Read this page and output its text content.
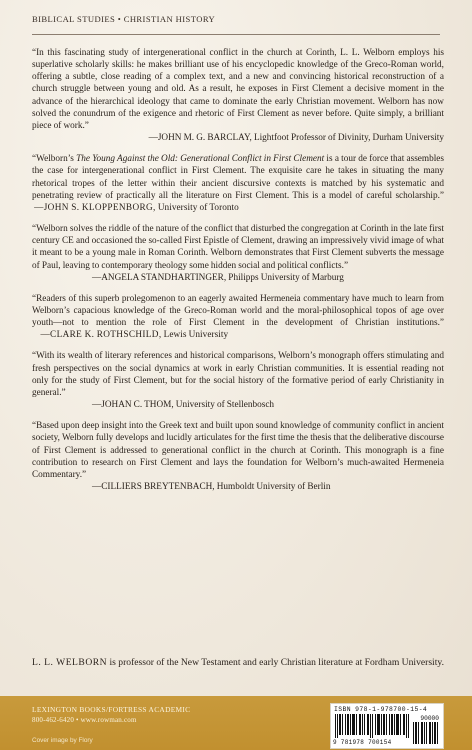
BIBLICAL STUDIES • CHRISTIAN HISTORY

“In this fascinating study of intergenerational conflict in the church at Corinth, L. L. Welborn employs his superlative scholarly skills: he makes brilliant use of his encyclopedic knowledge of the Greco-Roman world, offering a subtle, close reading of a complex text, and a new and convincing historical reconstruction of a church struggle between young and old. As a result, he exposes in First Clement a decisive moment in the advance of the hierarchical ideology that came to dominate the early Christian movement. Welborn has now solved the conundrum of the exigence and rhetoric of First Clement as never before. Quite simply, a brilliant piece of work.”
—JOHN M. G. BARCLAY, Lightfoot Professor of Divinity, Durham University

“Welborn’s The Young Against the Old: Generational Conflict in First Clement is a tour de force that assembles the case for intergenerational conflict in First Clement. The exquisite care he takes in situating the many rhetorical tropes of the letter within their ancient discursive contexts is matched by his systematic and penetrating review of practically all the literature on First Clement. This is a model of careful scholarship.”  —JOHN S. KLOPPENBORG, University of Toronto

“Welborn solves the riddle of the nature of the conflict that disturbed the congregation at Corinth in the late first century CE and occasioned the so-called First Epistle of Clement, drawing an impressively vivid image of what it meant to be a young male in Roman Corinth. Welborn demonstrates that First Clement subverts the message of Paul, leaving to contemporary theology some hidden social and political conflicts.”
—ANGELA STANDHARTINGER, Philipps University of Marburg

“Readers of this superb prolegomenon to an eagerly awaited Hermeneia commentary have much to learn from Welborn’s capacious knowledge of the Greco-Roman world and the moral-philosophical topos of age over youth—not to mention the role of First Clement in the development of Christian institutions.”     —CLARE K. ROTHSCHILD, Lewis University

“With its wealth of literary references and historical comparisons, Welborn’s monograph offers stimulating and fresh perspectives on the social dynamics at work in early Christian communities. It is essential reading not only for the study of First Clement, but for the social history of the formative period of early Christianity in general.”
—JOHAN C. THOM, University of Stellenbosch

“Based upon deep insight into the Greek text and built upon sound knowledge of community conflict in ancient society, Welborn fully develops and lucidly articulates for the first time the thesis that the deliberative discourse of First Clement is addressed to generational conflict in the church at Corinth. This monograph is a fine contribution to research on First Clement and lays the foundation for Welborn’s much-awaited Hermeneia Commentary.”
—CILLIERS BREYTENBACH, Humboldt University of Berlin

L. L. WELBORN is professor of the New Testament and early Christian literature at Fordham University.
LEXINGTON BOOKS/FORTRESS ACADEMIC
800-462-6420 • www.rowman.com
Cover image by Flory
ISBN 978-1-978700-15-4
9 781978 700154
90000
